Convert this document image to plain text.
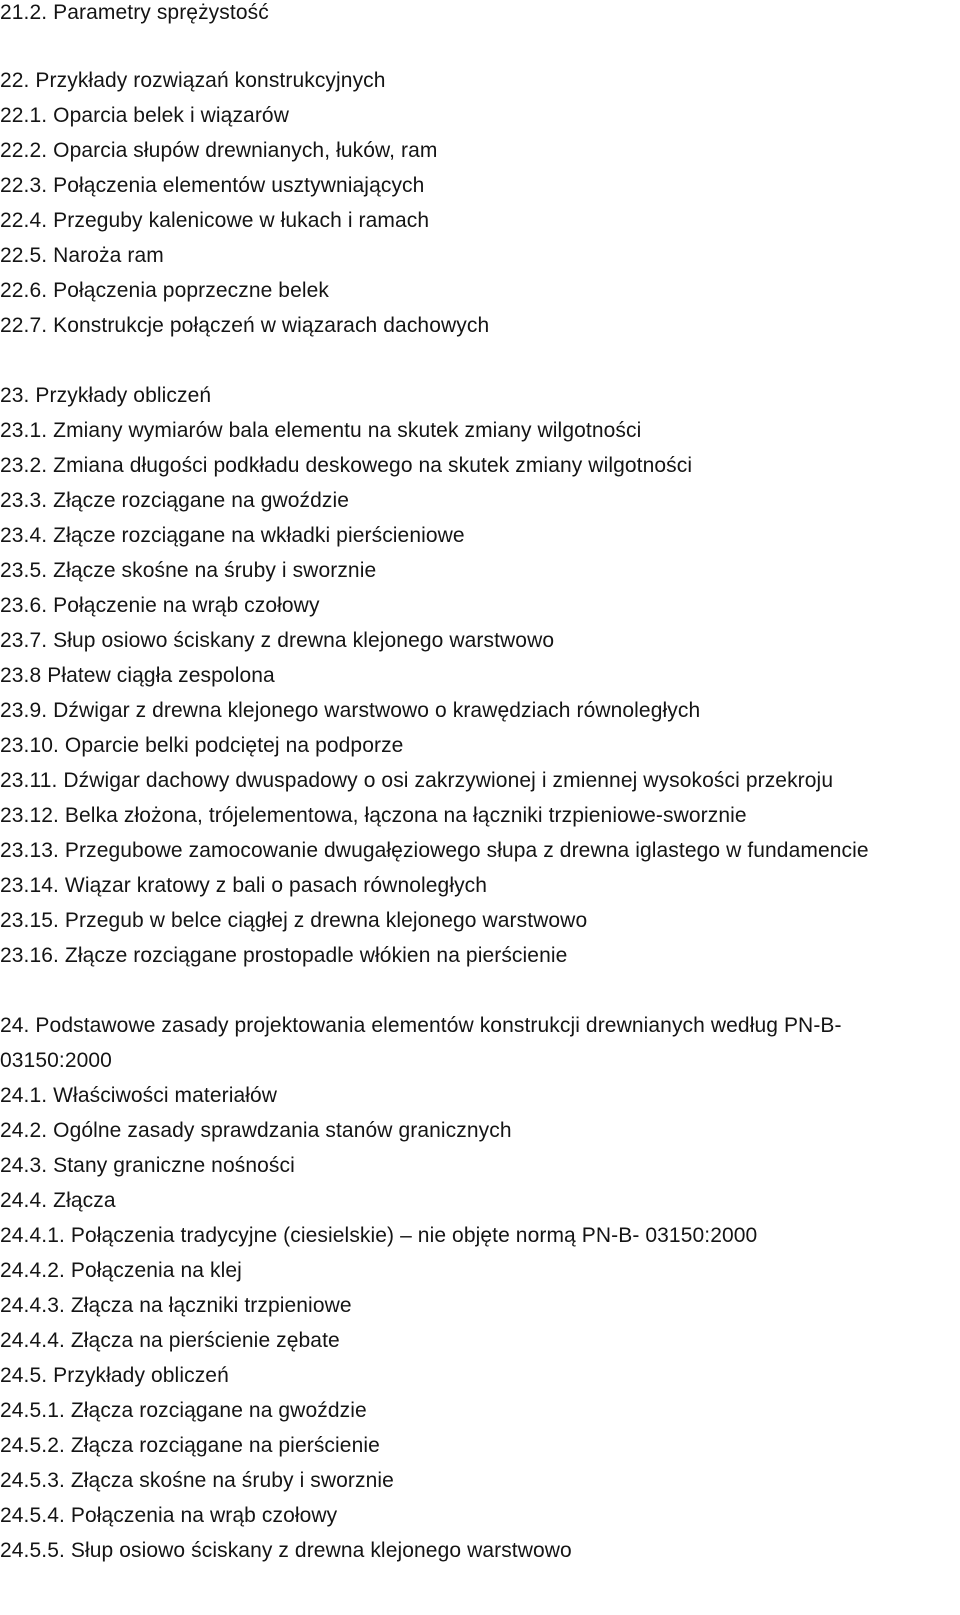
21.2. Parametry sprężystość
22. Przykłady rozwiązań konstrukcyjnych
22.1. Oparcia belek i wiązarów
22.2. Oparcia słupów drewnianych, łuków, ram
22.3. Połączenia elementów usztywniających
22.4. Przeguby kalenicowe w łukach i ramach
22.5. Naroża ram
22.6. Połączenia poprzeczne belek
22.7. Konstrukcje połączeń w wiązarach dachowych
23. Przykłady obliczeń
23.1. Zmiany wymiarów bala elementu na skutek zmiany wilgotności
23.2. Zmiana długości podkładu deskowego na skutek zmiany wilgotności
23.3. Złącze rozciągane na gwoździe
23.4. Złącze rozciągane na wkładki pierścieniowe
23.5. Złącze skośne na śruby i sworznie
23.6. Połączenie na wrąb czołowy
23.7. Słup osiowo ściskany z drewna klejonego warstwowo
23.8 Płatew ciągła zespolona
23.9. Dźwigar z drewna klejonego warstwowo o krawędziach równoległych
23.10. Oparcie belki podciętej na podporze
23.11. Dźwigar dachowy dwuspadowy o osi zakrzywionej i zmiennej wysokości przekroju
23.12. Belka złożona, trójelementowa, łączona na łączniki trzpieniowe-sworznie
23.13. Przegubowe zamocowanie dwugałęziowego słupa z drewna iglastego w fundamencie
23.14. Wiązar kratowy z bali o pasach równoległych
23.15. Przegub w belce ciągłej z drewna klejonego warstwowo
23.16. Złącze rozciągane prostopadle włókien na pierścienie
24. Podstawowe zasady projektowania elementów konstrukcji drewnianych według PN-B-
03150:2000
24.1. Właściwości materiałów
24.2. Ogólne zasady sprawdzania stanów granicznych
24.3. Stany graniczne nośności
24.4. Złącza
24.4.1. Połączenia tradycyjne (ciesielskie) – nie objęte normą PN-B- 03150:2000
24.4.2. Połączenia na klej
24.4.3. Złącza na łączniki trzpieniowe
24.4.4. Złącza na pierścienie zębate
24.5. Przykłady obliczeń
24.5.1. Złącza rozciągane na gwoździe
24.5.2. Złącza rozciągane na pierścienie
24.5.3. Złącza skośne na śruby i sworznie
24.5.4. Połączenia na wrąb czołowy
24.5.5. Słup osiowo ściskany z drewna klejonego warstwowo
